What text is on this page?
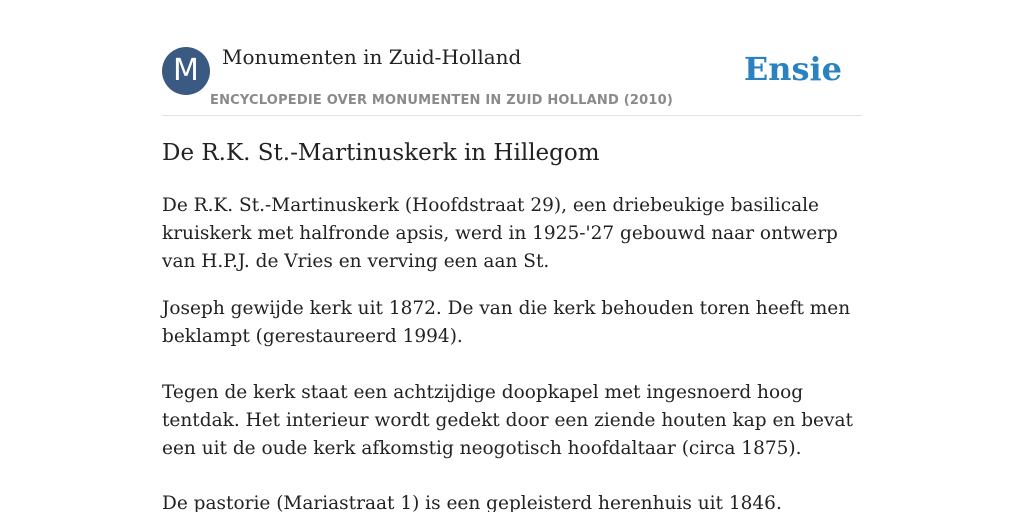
M	Monumenten in Zuid-Holland
ENCYCLOPEDIE OVER MONUMENTEN IN ZUID HOLLAND (2010)
Ensie
De R.K. St.-Martinuskerk in Hillegom

De R.K. St.-Martinuskerk (Hoofdstraat 29), een driebeukige basilicale kruiskerk met halfronde apsis, werd in 1925-'27 gebouwd naar ontwerp van H.P.J. de Vries en verving een aan St.

Joseph gewijde kerk uit 1872. De van die kerk behouden toren heeft men beklampt (gerestaureerd 1994).

Tegen de kerk staat een achtzijdige doopkapel met ingesnoerd hoog tentdak. Het interieur wordt gedekt door een ziende houten kap en bevat een uit de oude kerk afkomstig neogotisch hoofdaltaar (circa 1875).

De pastorie (Mariastraat 1) is een gepleisterd herenhuis uit 1846.
